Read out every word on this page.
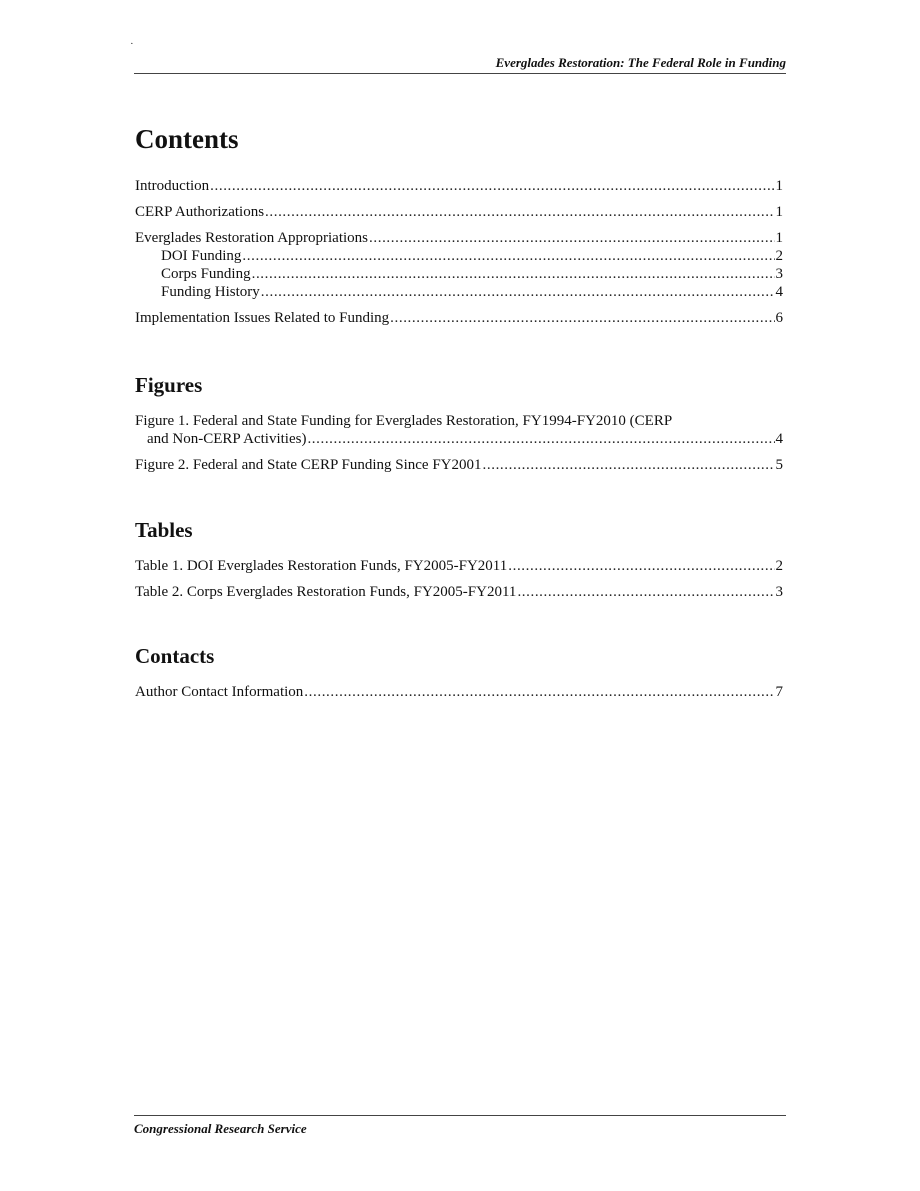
·
Everglades Restoration: The Federal Role in Funding
Contents
Introduction .....	1
CERP Authorizations .....	1
Everglades Restoration Appropriations .....	1
DOI Funding .....	2
Corps Funding .....	3
Funding History .....	4
Implementation Issues Related to Funding .....	6
Figures
Figure 1. Federal and State Funding for Everglades Restoration, FY1994-FY2010 (CERP
and Non-CERP Activities) .....	4
Figure 2. Federal and State CERP Funding Since FY2001 .....	5
Tables
Table 1. DOI Everglades Restoration Funds, FY2005-FY2011 .....	2
Table 2. Corps Everglades Restoration Funds, FY2005-FY2011 .....	3
Contacts
Author Contact Information .....	7
Congressional Research Service
